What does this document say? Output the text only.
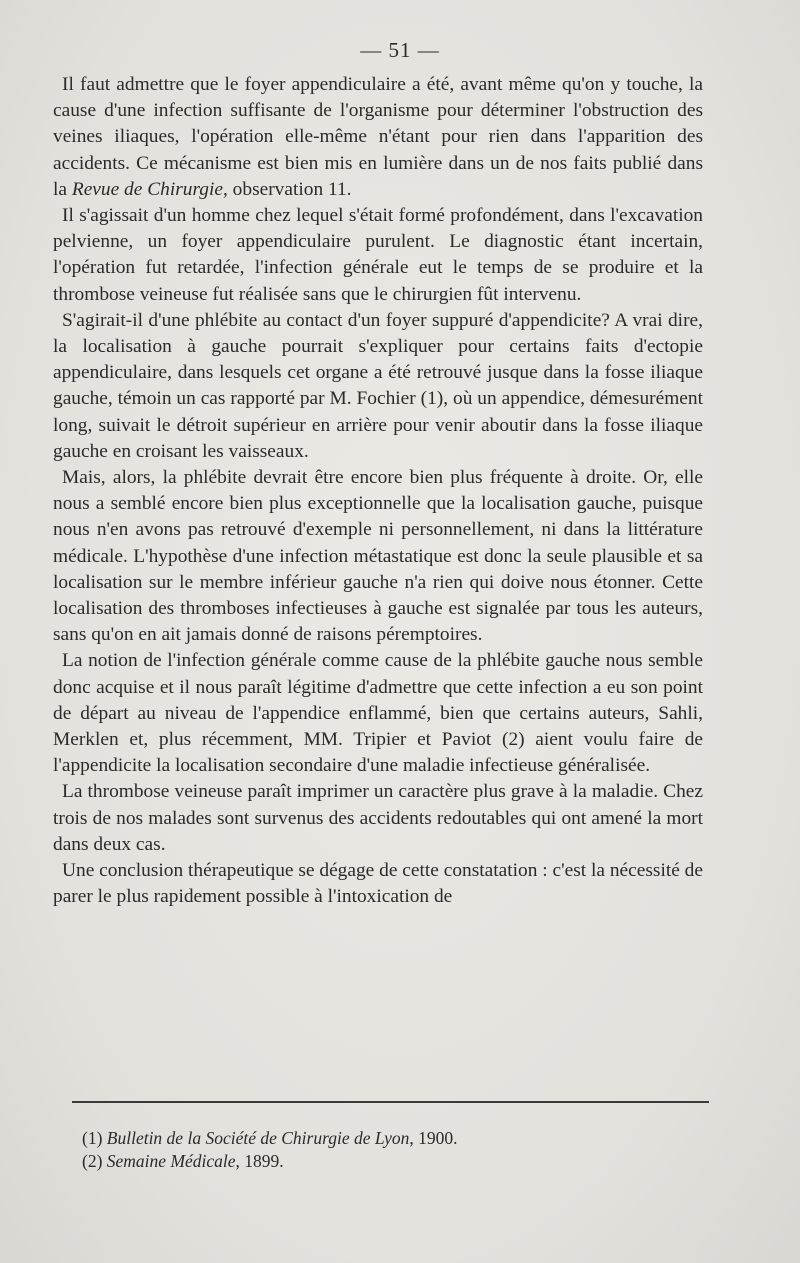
— 51 —

Il faut admettre que le foyer appendiculaire a été, avant même qu'on y touche, la cause d'une infection suffisante de l'organisme pour déterminer l'obstruction des veines iliaques, l'opération elle-même n'étant pour rien dans l'apparition des accidents. Ce mécanisme est bien mis en lumière dans un de nos faits publié dans la Revue de Chirurgie, observation 11.

Il s'agissait d'un homme chez lequel s'était formé profondément, dans l'excavation pelvienne, un foyer appendiculaire purulent. Le diagnostic étant incertain, l'opération fut retardée, l'infection générale eut le temps de se produire et la thrombose veineuse fut réalisée sans que le chirurgien fût intervenu.

S'agirait-il d'une phlébite au contact d'un foyer suppuré d'appendicite? A vrai dire, la localisation à gauche pourrait s'expliquer pour certains faits d'ectopie appendiculaire, dans lesquels cet organe a été retrouvé jusque dans la fosse iliaque gauche, témoin un cas rapporté par M. Fochier (1), où un appendice, démesurément long, suivait le détroit supérieur en arrière pour venir aboutir dans la fosse iliaque gauche en croisant les vaisseaux.

Mais, alors, la phlébite devrait être encore bien plus fréquente à droite. Or, elle nous a semblé encore bien plus exceptionnelle que la localisation gauche, puisque nous n'en avons pas retrouvé d'exemple ni personnellement, ni dans la littérature médicale. L'hypothèse d'une infection métastatique est donc la seule plausible et sa localisation sur le membre inférieur gauche n'a rien qui doive nous étonner. Cette localisation des thromboses infectieuses à gauche est signalée par tous les auteurs, sans qu'on en ait jamais donné de raisons péremptoires.

La notion de l'infection générale comme cause de la phlébite gauche nous semble donc acquise et il nous paraît légitime d'admettre que cette infection a eu son point de départ au niveau de l'appendice enflammé, bien que certains auteurs, Sahli, Merklen et, plus récemment, MM. Tripier et Paviot (2) aient voulu faire de l'appendicite la localisation secondaire d'une maladie infectieuse généralisée.

La thrombose veineuse paraît imprimer un caractère plus grave à la maladie. Chez trois de nos malades sont survenus des accidents redoutables qui ont amené la mort dans deux cas.

Une conclusion thérapeutique se dégage de cette constatation : c'est la nécessité de parer le plus rapidement possible à l'intoxication de

(1) Bulletin de la Société de Chirurgie de Lyon, 1900.
(2) Semaine Médicale, 1899.
